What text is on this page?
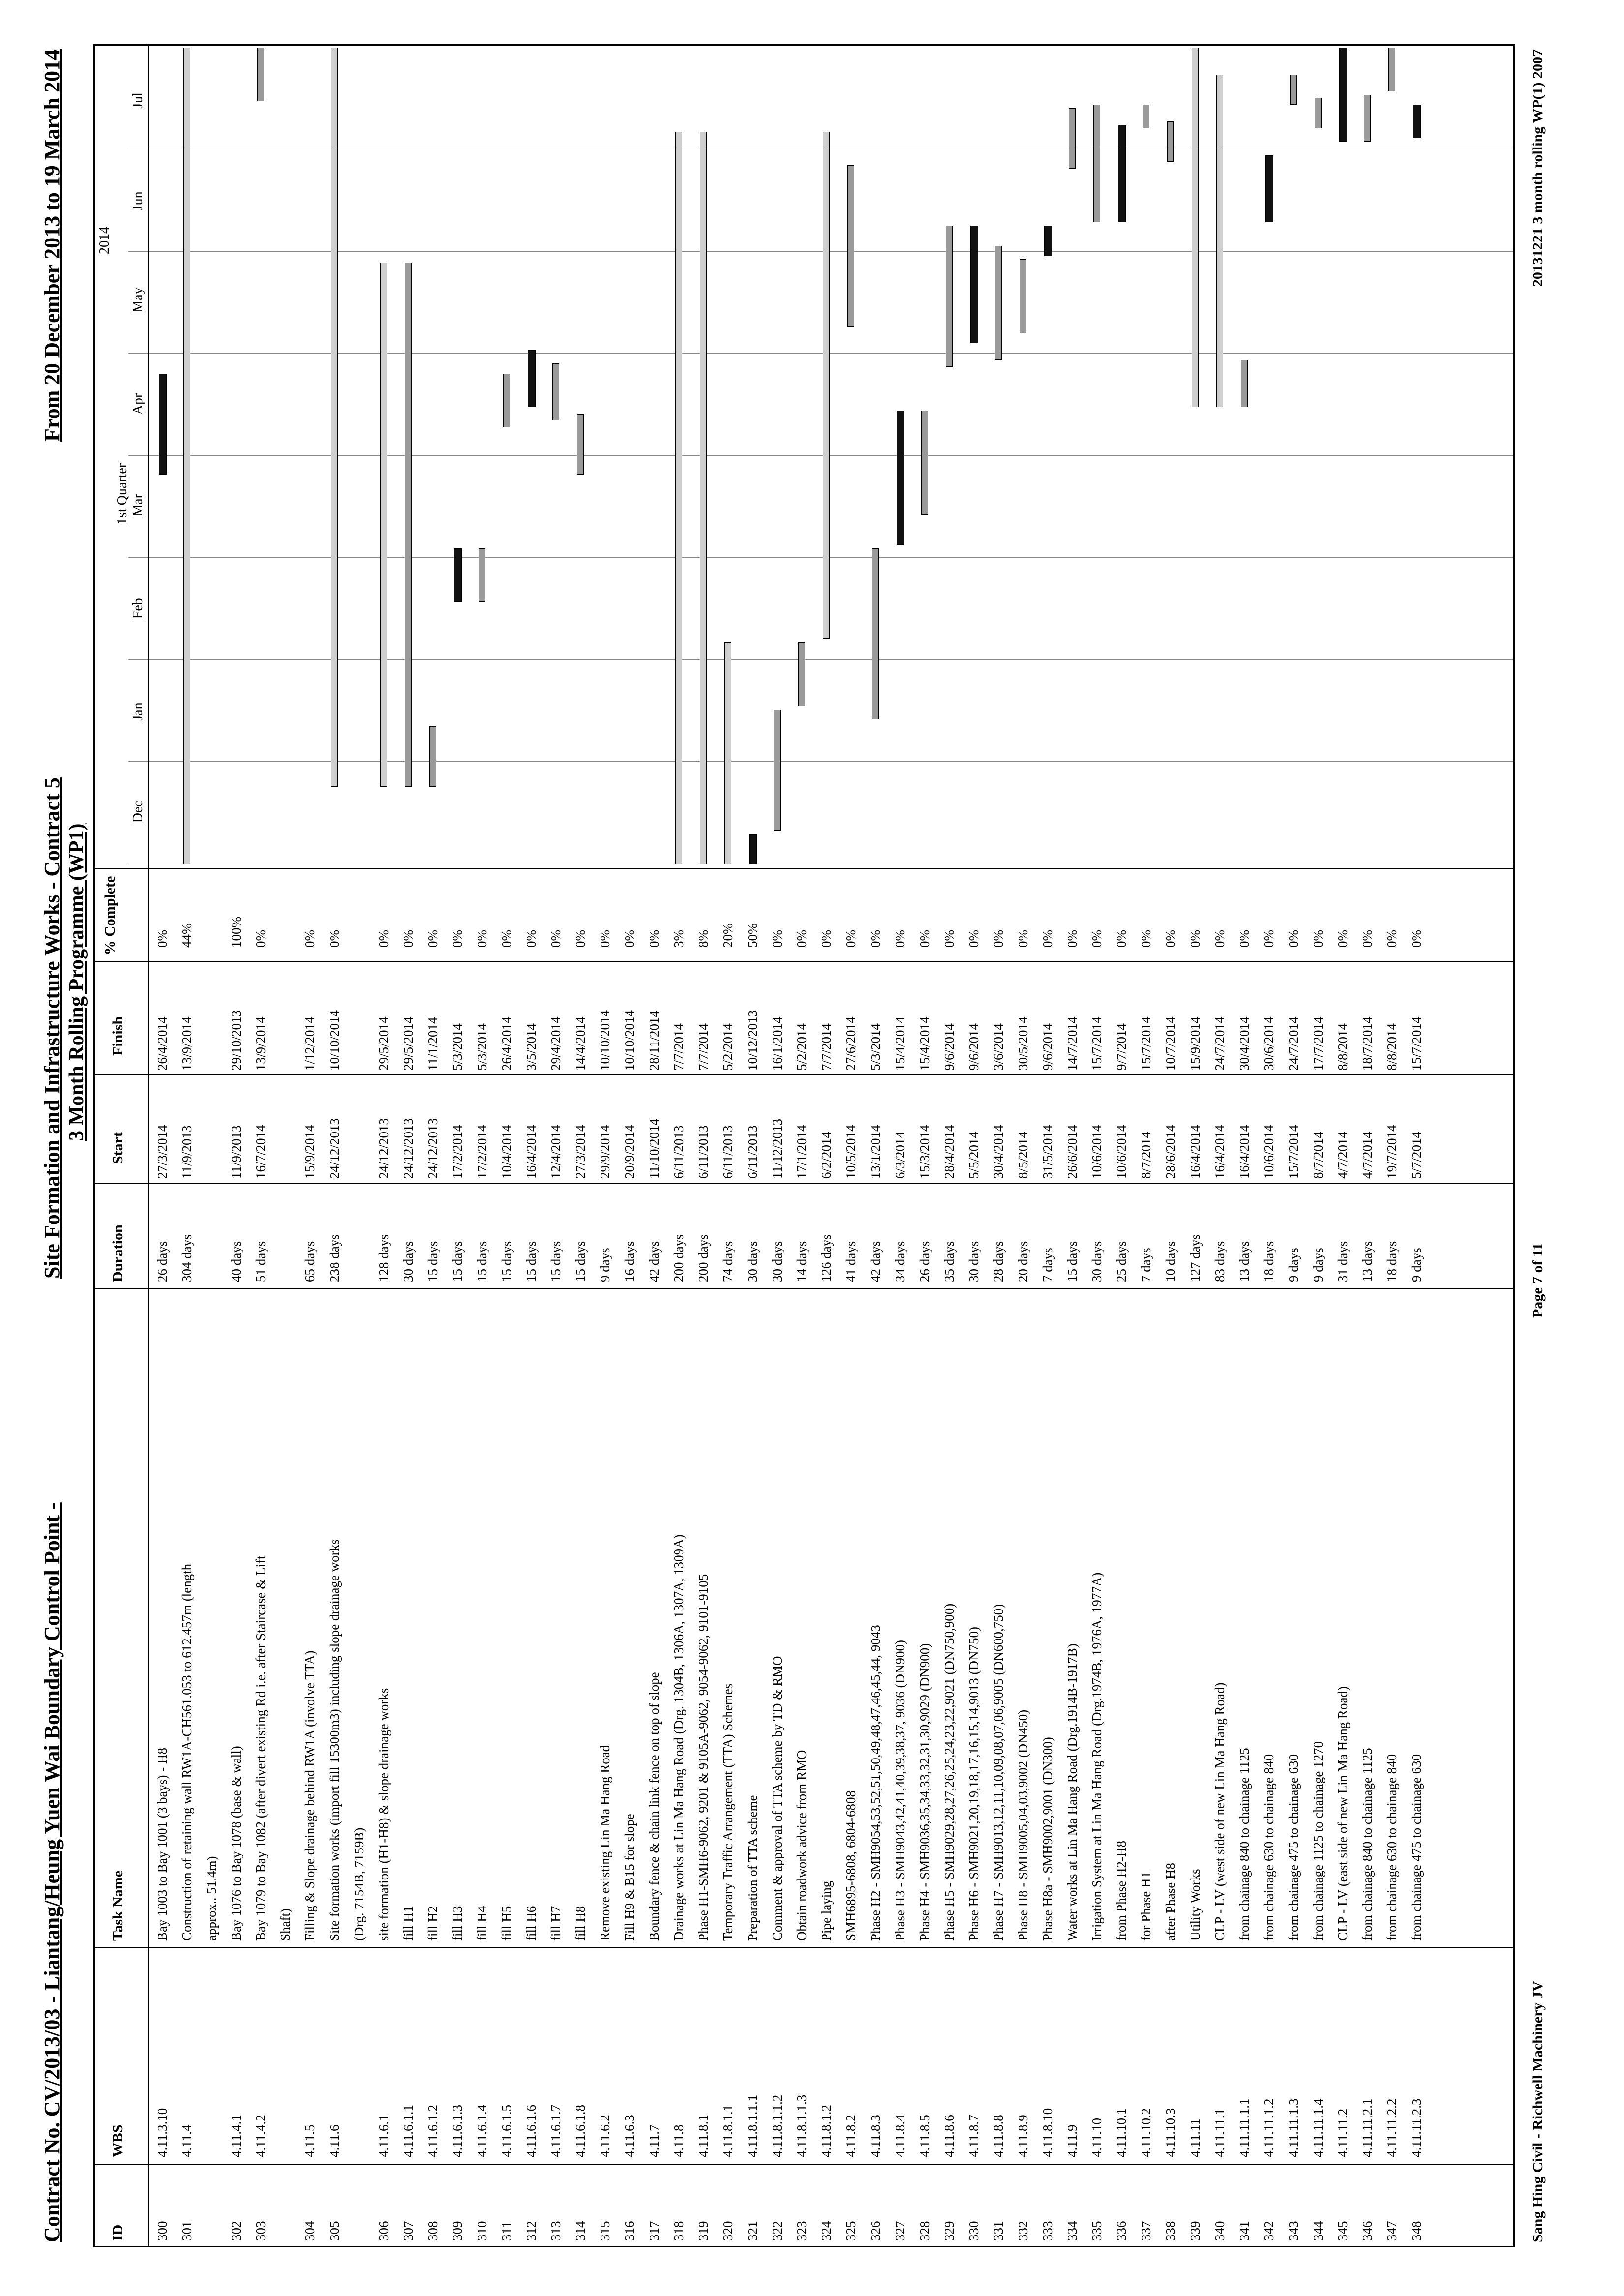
Contract No. CV/2013/03 - Liantang/Heung Yuen Wai Boundary Control Point -
Site Formation and Infrastructure Works - Contract 5 3 Month Rolling Programme (WP1)
From 20 December 2013 to 19 March 2014
ID
WBS
Task Name
Duration
Start
Finish
% Complete
2014
1st Quarter
Dec
Jan
Feb
Mar
Apr
May
Jun
Jul
300
4.11.3.10
Bay 1003 to Bay 1001 (3 bays) - H8
26 days
27/3/2014
26/4/2014
0%
301
4.11.4
Construction of retaining wall RW1A-CH561.053 to 612.457m (length
304 days
11/9/2013
13/9/2014
44%
approx.. 51.4m)
302
4.11.4.1
Bay 1076 to Bay 1078 (base & wall)
40 days
11/9/2013
29/10/2013
100%
303
4.11.4.2
Bay 1079 to Bay 1082 (after divert existing Rd i.e. after Staircase & Lift
51 days
16/7/2014
13/9/2014
0%
Shaft)
304
4.11.5
Filling & Slope drainage behind RW1A (involve TTA)
65 days
15/9/2014
1/12/2014
0%
305
4.11.6
Site formation works (import fill 15300m3) including slope drainage works
238 days
24/12/2013
10/10/2014
0%
(Drg. 7154B, 7159B)
306
4.11.6.1
site formation (H1-H8) & slope drainage works
128 days
24/12/2013
29/5/2014
0%
307
4.11.6.1.1
fill H1
30 days
24/12/2013
29/5/2014
0%
308
4.11.6.1.2
fill H2
15 days
24/12/2013
11/1/2014
0%
309
4.11.6.1.3
fill H3
15 days
17/2/2014
5/3/2014
0%
310
4.11.6.1.4
fill H4
15 days
17/2/2014
5/3/2014
0%
311
4.11.6.1.5
fill H5
15 days
10/4/2014
26/4/2014
0%
312
4.11.6.1.6
fill H6
15 days
16/4/2014
3/5/2014
0%
313
4.11.6.1.7
fill H7
15 days
12/4/2014
29/4/2014
0%
314
4.11.6.1.8
fill H8
15 days
27/3/2014
14/4/2014
0%
315
4.11.6.2
Remove existing Lin Ma Hang Road
9 days
29/9/2014
10/10/2014
0%
316
4.11.6.3
Fill H9 & B15 for slope
16 days
20/9/2014
10/10/2014
0%
317
4.11.7
Boundary fence & chain link fence on top of slope
42 days
11/10/2014
28/11/2014
0%
318
4.11.8
Drainage works at Lin Ma Hang Road (Drg. 1304B, 1306A, 1307A, 1309A)
200 days
6/11/2013
7/7/2014
3%
319
4.11.8.1
Phase H1-SMH6-9062, 9201 & 9105A-9062, 9054-9062, 9101-9105
200 days
6/11/2013
7/7/2014
8%
320
4.11.8.1.1
Temporary Traffic Arrangement (TTA) Schemes
74 days
6/11/2013
5/2/2014
20%
321
4.11.8.1.1.1
Preparation of TTA scheme
30 days
6/11/2013
10/12/2013
50%
322
4.11.8.1.1.2
Comment & approval of TTA scheme by TD & RMO
30 days
11/12/2013
16/1/2014
0%
323
4.11.8.1.1.3
Obtain roadwork advice from RMO
14 days
17/1/2014
5/2/2014
0%
324
4.11.8.1.2
Pipe laying
126 days
6/2/2014
7/7/2014
0%
325
4.11.8.2
SMH6895-6808, 6804-6808
41 days
10/5/2014
27/6/2014
0%
326
4.11.8.3
Phase H2 - SMH9054,53,52,51,50,49,48,47,46,45,44, 9043
42 days
13/1/2014
5/3/2014
0%
327
4.11.8.4
Phase H3 - SMH9043,42,41,40,39,38,37, 9036 (DN900)
34 days
6/3/2014
15/4/2014
0%
328
4.11.8.5
Phase H4 - SMH9036,35,34,33,32,31,30,9029 (DN900)
26 days
15/3/2014
15/4/2014
0%
329
4.11.8.6
Phase H5 - SMH9029,28,27,26,25,24,23,22,9021 (DN750,900)
35 days
28/4/2014
9/6/2014
0%
330
4.11.8.7
Phase H6 - SMH9021,20,19,18,17,16,15,14,9013 (DN750)
30 days
5/5/2014
9/6/2014
0%
331
4.11.8.8
Phase H7 - SMH9013,12,11,10,09,08,07,06,9005 (DN600,750)
28 days
30/4/2014
3/6/2014
0%
332
4.11.8.9
Phase H8 - SMH9005,04,03,9002 (DN450)
20 days
8/5/2014
30/5/2014
0%
333
4.11.8.10
Phase H8a - SMH9002,9001 (DN300)
7 days
31/5/2014
9/6/2014
0%
334
4.11.9
Water works at Lin Ma Hang Road (Drg.1914B-1917B)
15 days
26/6/2014
14/7/2014
0%
335
4.11.10
Irrigation System at Lin Ma Hang Road (Drg.1974B, 1976A, 1977A)
30 days
10/6/2014
15/7/2014
0%
336
4.11.10.1
from Phase H2-H8
25 days
10/6/2014
9/7/2014
0%
337
4.11.10.2
for Phase H1
7 days
8/7/2014
15/7/2014
0%
338
4.11.10.3
after Phase H8
10 days
28/6/2014
10/7/2014
0%
339
4.11.11
Utility Works
127 days
16/4/2014
15/9/2014
0%
340
4.11.11.1
CLP - LV (west side of new Lin Ma Hang Road)
83 days
16/4/2014
24/7/2014
0%
341
4.11.11.1.1
from chainage 840 to chainage 1125
13 days
16/4/2014
30/4/2014
0%
342
4.11.11.1.2
from chainage 630 to chainage 840
18 days
10/6/2014
30/6/2014
0%
343
4.11.11.1.3
from chainage 475 to chainage 630
9 days
15/7/2014
24/7/2014
0%
344
4.11.11.1.4
from chainage 1125 to chainage 1270
9 days
8/7/2014
17/7/2014
0%
345
4.11.11.2
CLP - LV (east side of new Lin Ma Hang Road)
31 days
4/7/2014
8/8/2014
0%
346
4.11.11.2.1
from chainage 840 to chainage 1125
13 days
4/7/2014
18/7/2014
0%
347
4.11.11.2.2
from chainage 630 to chainage 840
18 days
19/7/2014
8/8/2014
0%
348
4.11.11.2.3
from chainage 475 to chainage 630
9 days
5/7/2014
15/7/2014
0%
Sang Hing Civil - Richwell Machinery JV
Page 7 of 11
20131221 3 month rolling WP(1) 2007
